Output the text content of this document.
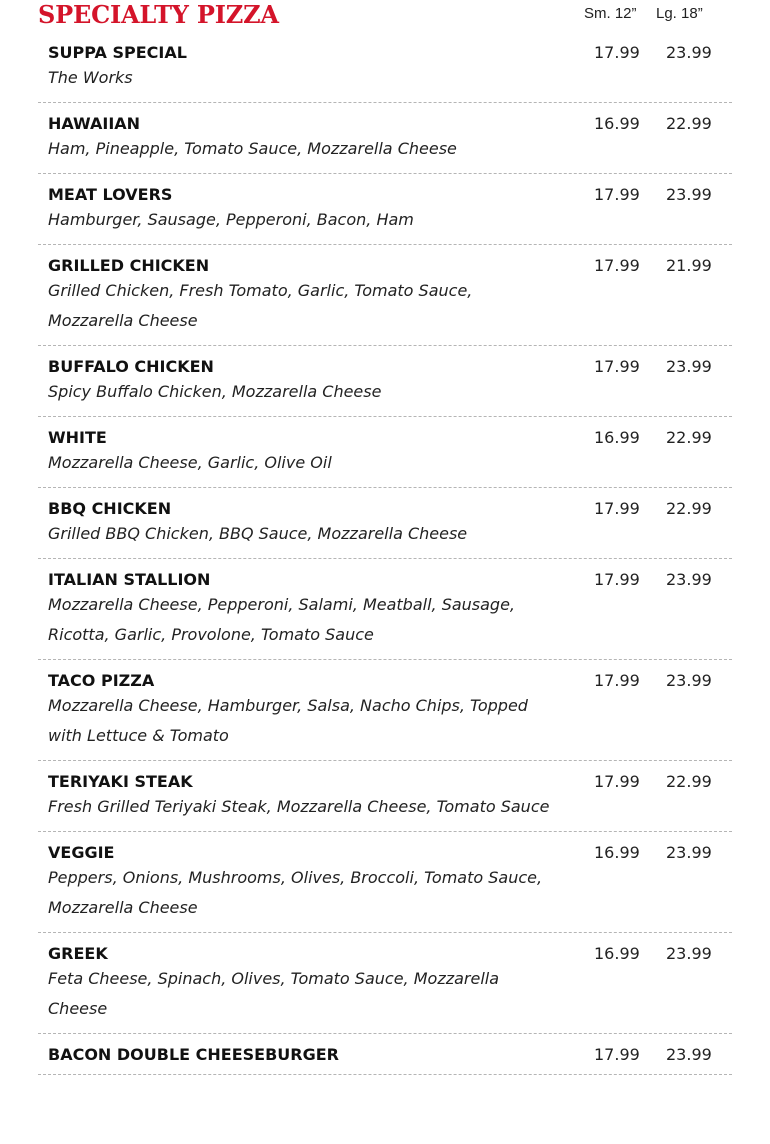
SPECIALTY PIZZA	Sm. 12” Lg. 18”
SUPPA SPECIAL
The Works
17.99 23.99
HAWAIIAN
Ham, Pineapple, Tomato Sauce, Mozzarella Cheese
16.99 22.99
MEAT LOVERS
Hamburger, Sausage, Pepperoni, Bacon, Ham
17.99 23.99
GRILLED CHICKEN
Grilled Chicken, Fresh Tomato, Garlic, Tomato Sauce, Mozzarella Cheese
17.99 21.99
BUFFALO CHICKEN
Spicy Buffalo Chicken, Mozzarella Cheese
17.99 23.99
WHITE
Mozzarella Cheese, Garlic, Olive Oil
16.99 22.99
BBQ CHICKEN
Grilled BBQ Chicken, BBQ Sauce, Mozzarella Cheese
17.99 22.99
ITALIAN STALLION
Mozzarella Cheese, Pepperoni, Salami, Meatball, Sausage, Ricotta, Garlic, Provolone, Tomato Sauce
17.99 23.99
TACO PIZZA
Mozzarella Cheese, Hamburger, Salsa, Nacho Chips, Topped with Lettuce & Tomato
17.99 23.99
TERIYAKI STEAK
Fresh Grilled Teriyaki Steak, Mozzarella Cheese, Tomato Sauce
17.99 22.99
VEGGIE
Peppers, Onions, Mushrooms, Olives, Broccoli, Tomato Sauce, Mozzarella Cheese
16.99 23.99
GREEK
Feta Cheese, Spinach, Olives, Tomato Sauce, Mozzarella Cheese
16.99 23.99
BACON DOUBLE CHEESEBURGER	17.99 23.99
